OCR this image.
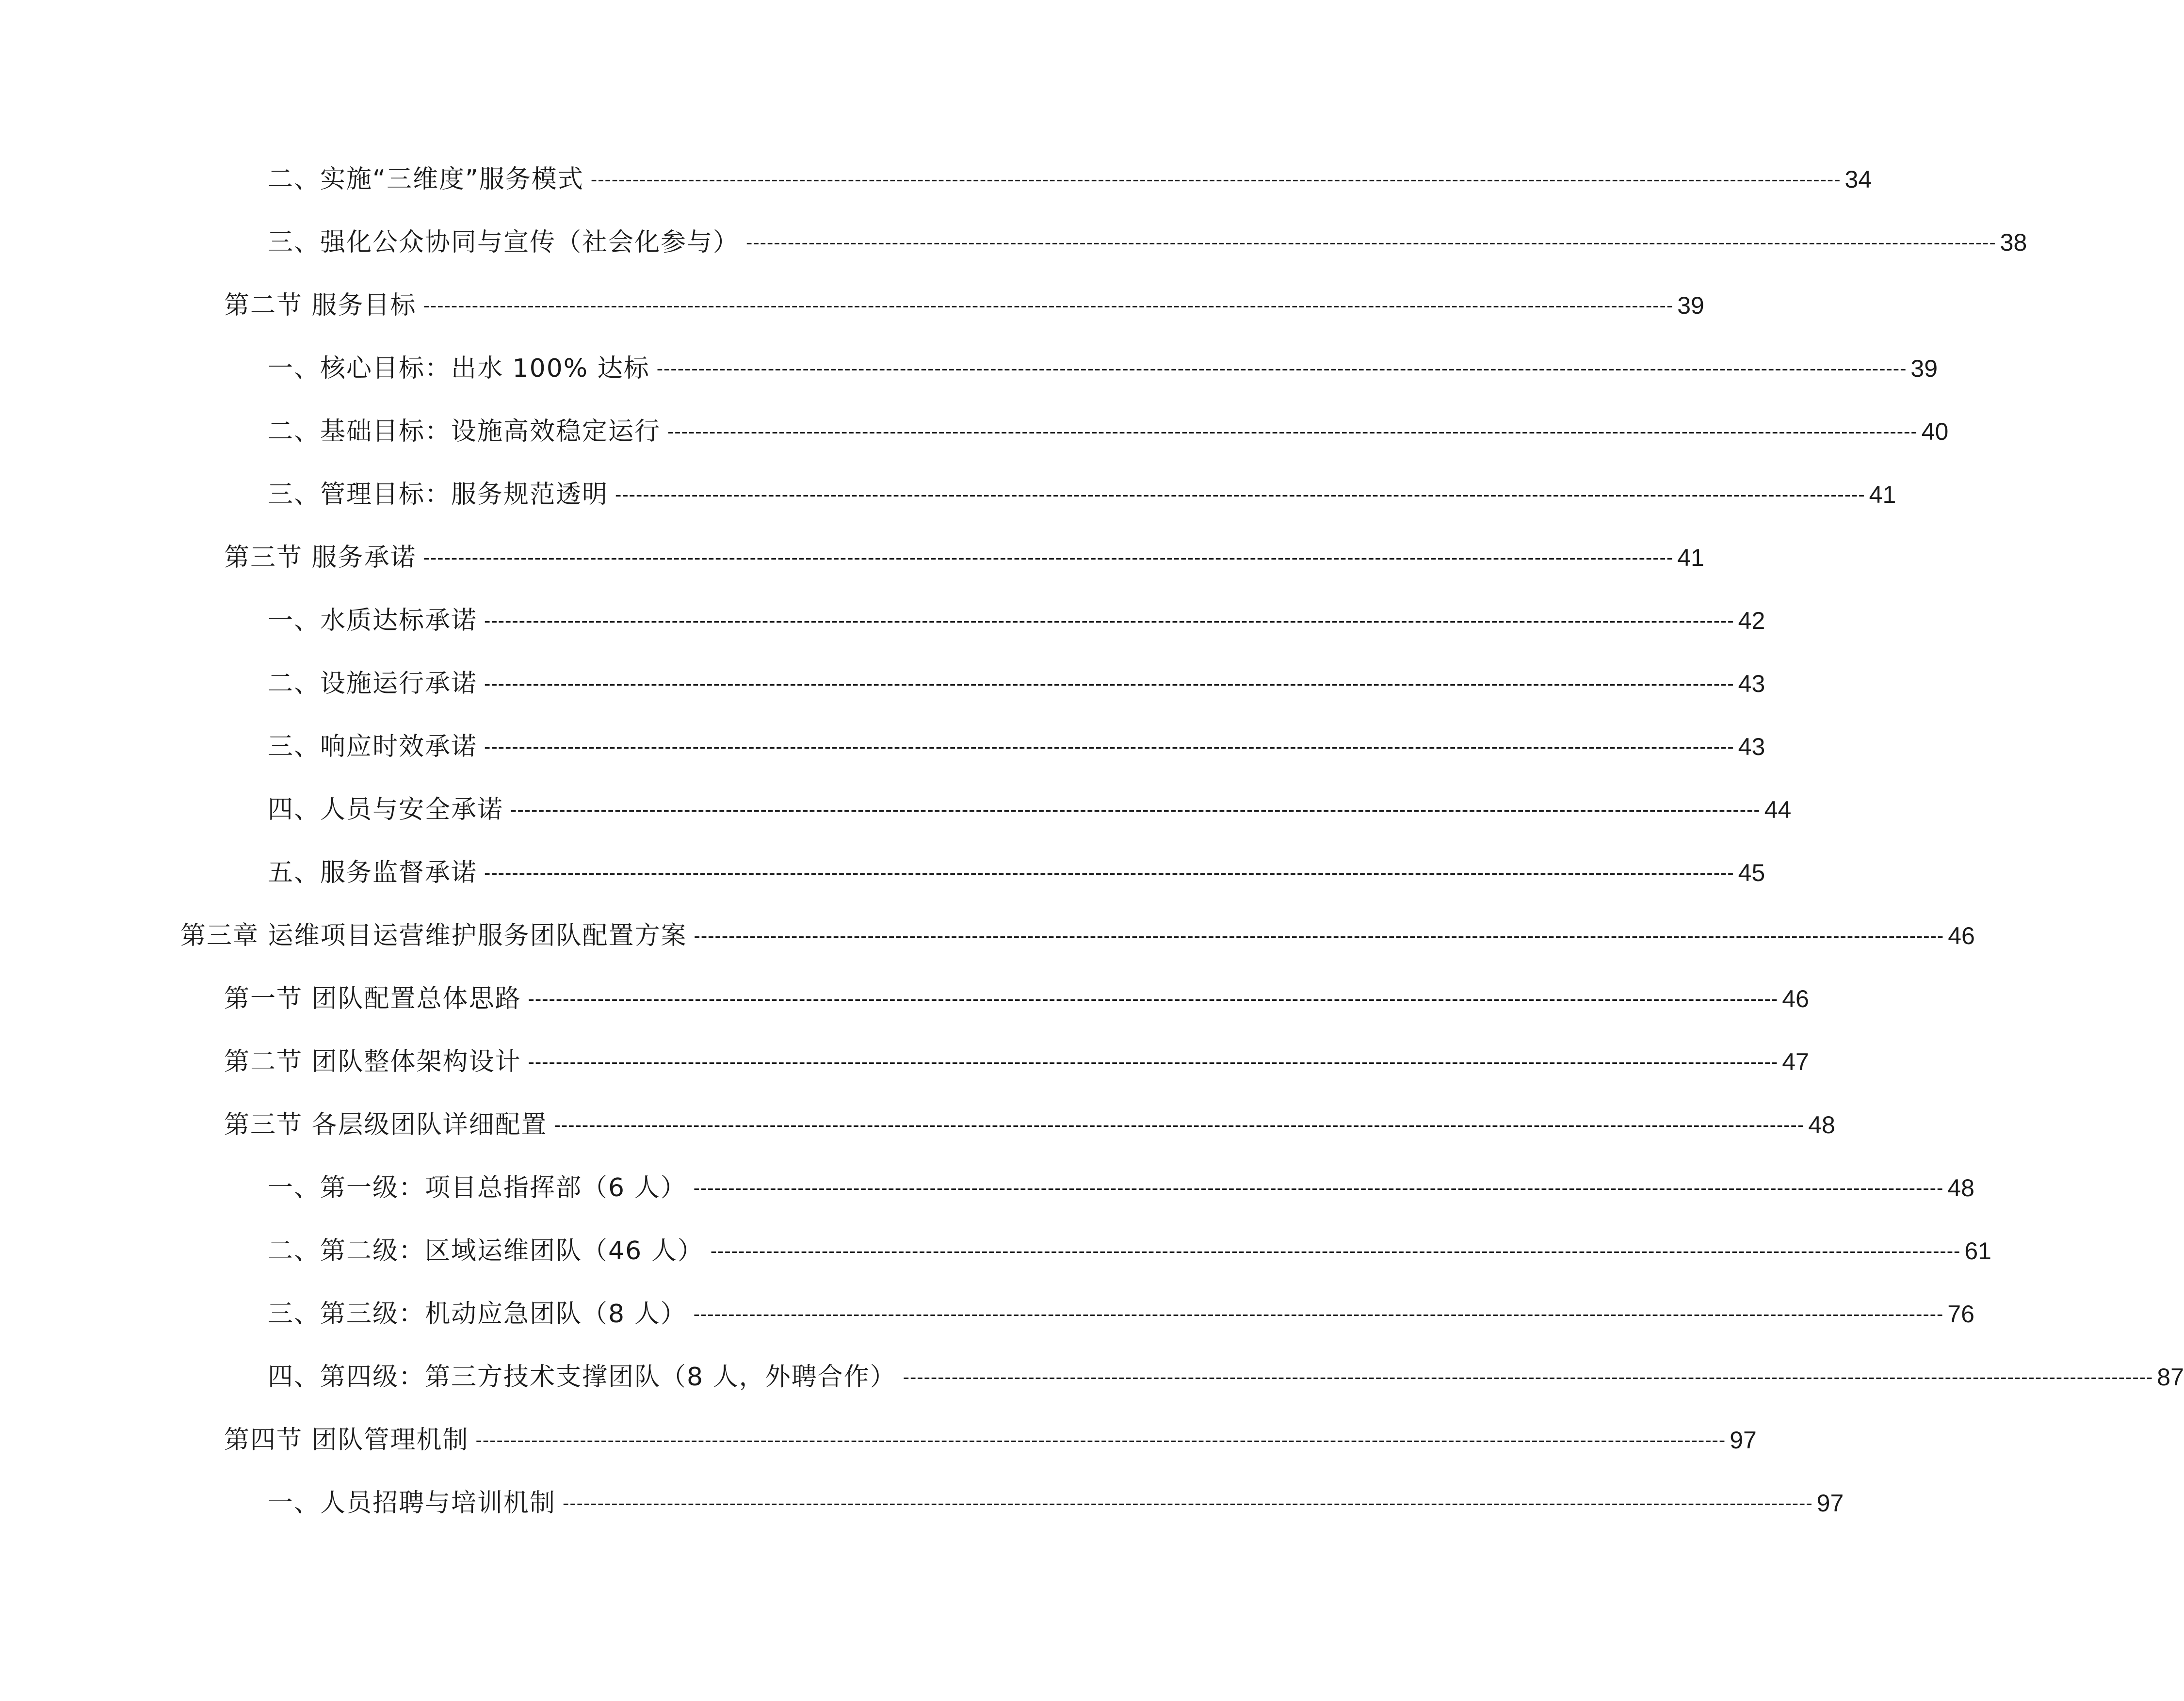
二、实施“三维度”服务模式 ------------------------------------------------------------------------------------------------------------------------------------------------------------------------------------ 34
三、强化公众协同与宣传（社会化参与） ------------------------------------------------------------------------------------------------------------------------------------------------------------------------------------ 38
第二节 服务目标 ------------------------------------------------------------------------------------------------------------------------------------------------------------------------------------ 39
一、核心目标：出水 100% 达标 ------------------------------------------------------------------------------------------------------------------------------------------------------------------------------------ 39
二、基础目标：设施高效稳定运行 ------------------------------------------------------------------------------------------------------------------------------------------------------------------------------------ 40
三、管理目标：服务规范透明 ------------------------------------------------------------------------------------------------------------------------------------------------------------------------------------ 41
第三节 服务承诺 ------------------------------------------------------------------------------------------------------------------------------------------------------------------------------------ 41
一、水质达标承诺 ------------------------------------------------------------------------------------------------------------------------------------------------------------------------------------ 42
二、设施运行承诺 ------------------------------------------------------------------------------------------------------------------------------------------------------------------------------------ 43
三、响应时效承诺 ------------------------------------------------------------------------------------------------------------------------------------------------------------------------------------ 43
四、人员与安全承诺 ------------------------------------------------------------------------------------------------------------------------------------------------------------------------------------ 44
五、服务监督承诺 ------------------------------------------------------------------------------------------------------------------------------------------------------------------------------------ 45
第三章 运维项目运营维护服务团队配置方案 ------------------------------------------------------------------------------------------------------------------------------------------------------------------------------------ 46
第一节 团队配置总体思路 ------------------------------------------------------------------------------------------------------------------------------------------------------------------------------------ 46
第二节 团队整体架构设计 ------------------------------------------------------------------------------------------------------------------------------------------------------------------------------------ 47
第三节 各层级团队详细配置 ------------------------------------------------------------------------------------------------------------------------------------------------------------------------------------ 48
一、第一级：项目总指挥部（6 人） ------------------------------------------------------------------------------------------------------------------------------------------------------------------------------------ 48
二、第二级：区域运维团队（46 人） ------------------------------------------------------------------------------------------------------------------------------------------------------------------------------------ 61
三、第三级：机动应急团队（8 人） ------------------------------------------------------------------------------------------------------------------------------------------------------------------------------------ 76
四、第四级：第三方技术支撑团队（8 人，外聘合作） ------------------------------------------------------------------------------------------------------------------------------------------------------------------------------------ 87
第四节 团队管理机制 ------------------------------------------------------------------------------------------------------------------------------------------------------------------------------------ 97
一、人员招聘与培训机制 ------------------------------------------------------------------------------------------------------------------------------------------------------------------------------------ 97
